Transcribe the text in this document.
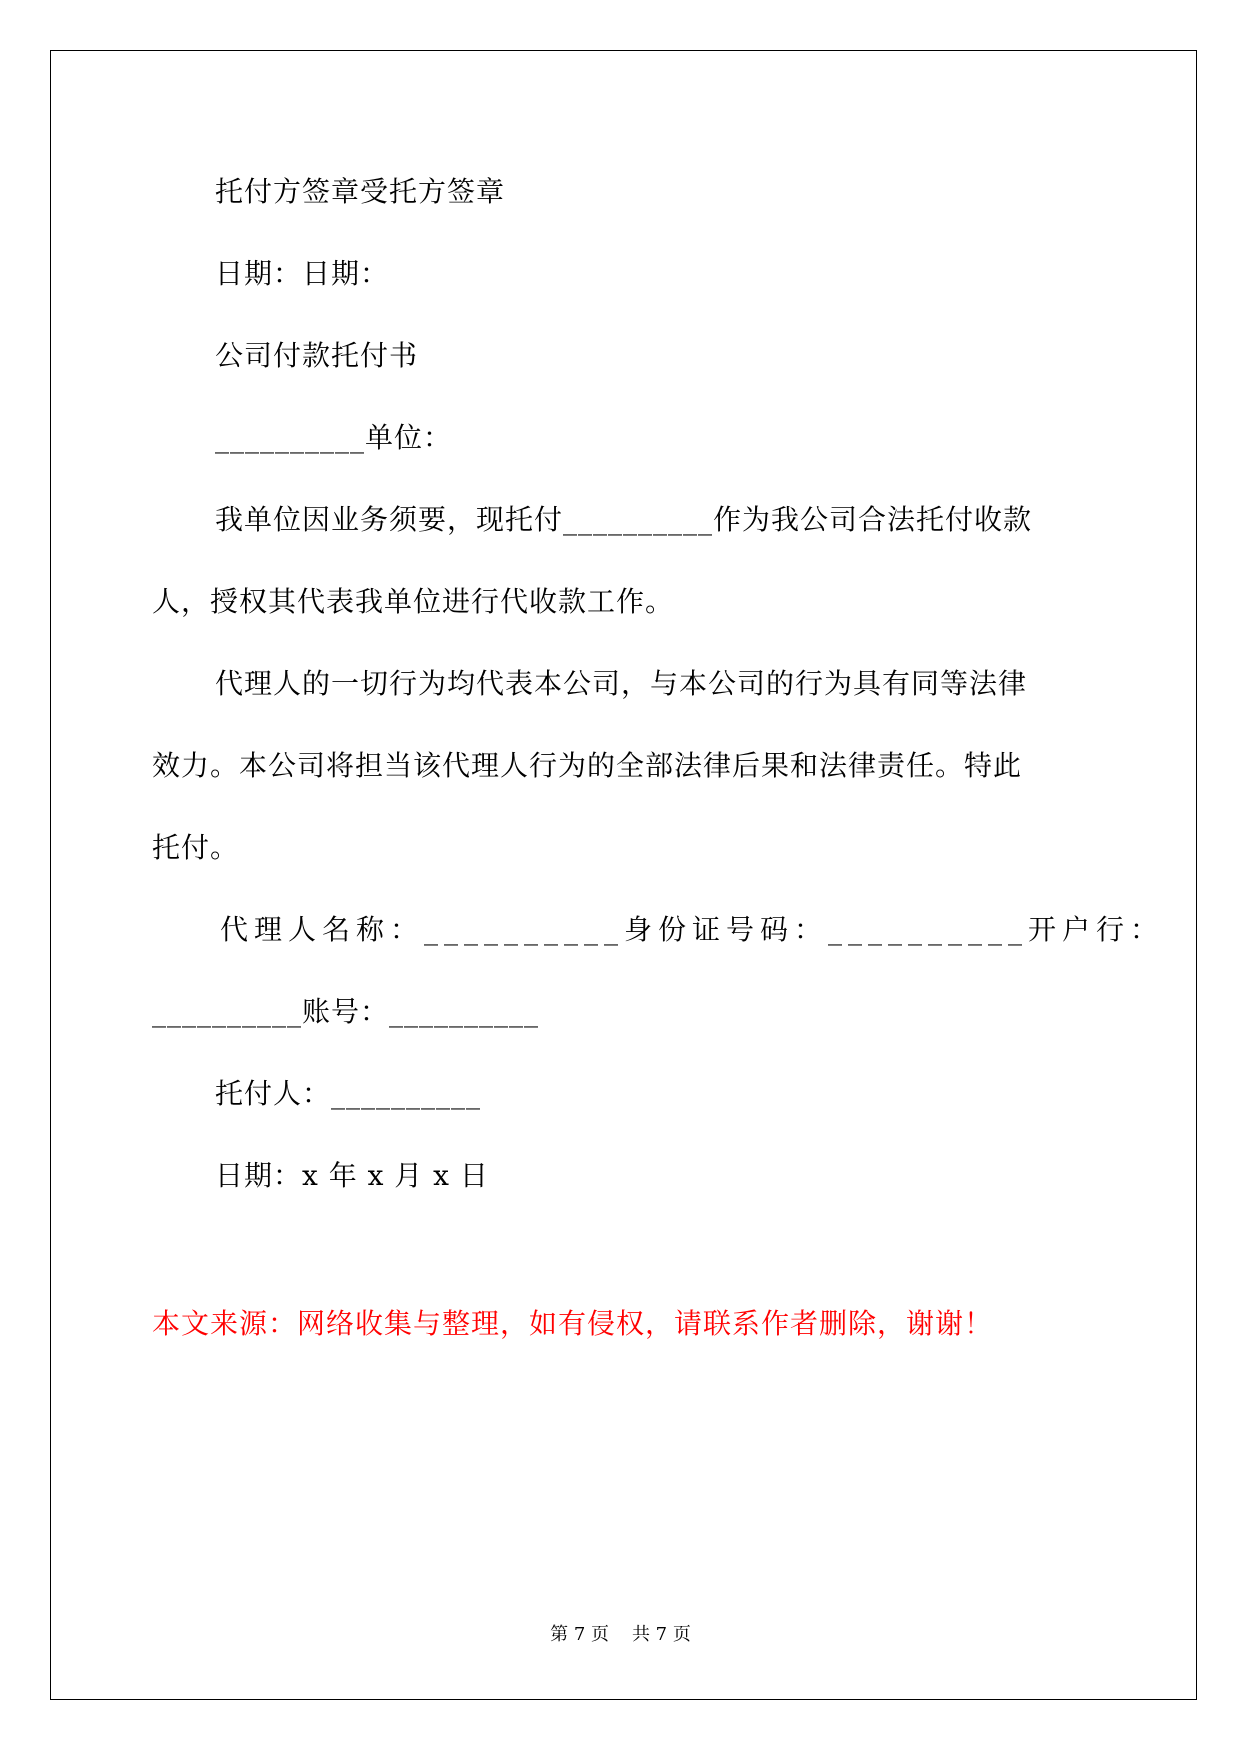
托付方签章受托方签章
日期：日期：
公司付款托付书
__________单位：
我单位因业务须要，现托付__________作为我公司合法托付收款
人，授权其代表我单位进行代收款工作。
代理人的一切行为均代表本公司，与本公司的行为具有同等法律
效力。本公司将担当该代理人行为的全部法律后果和法律责任。特此
托付。
代理人名称：__________身份证号码：__________开户行：
__________账号：__________
托付人：__________
日期：x 年 x 月 x 日
本文来源：网络收集与整理，如有侵权，请联系作者删除，谢谢！
第 7 页    共 7 页
